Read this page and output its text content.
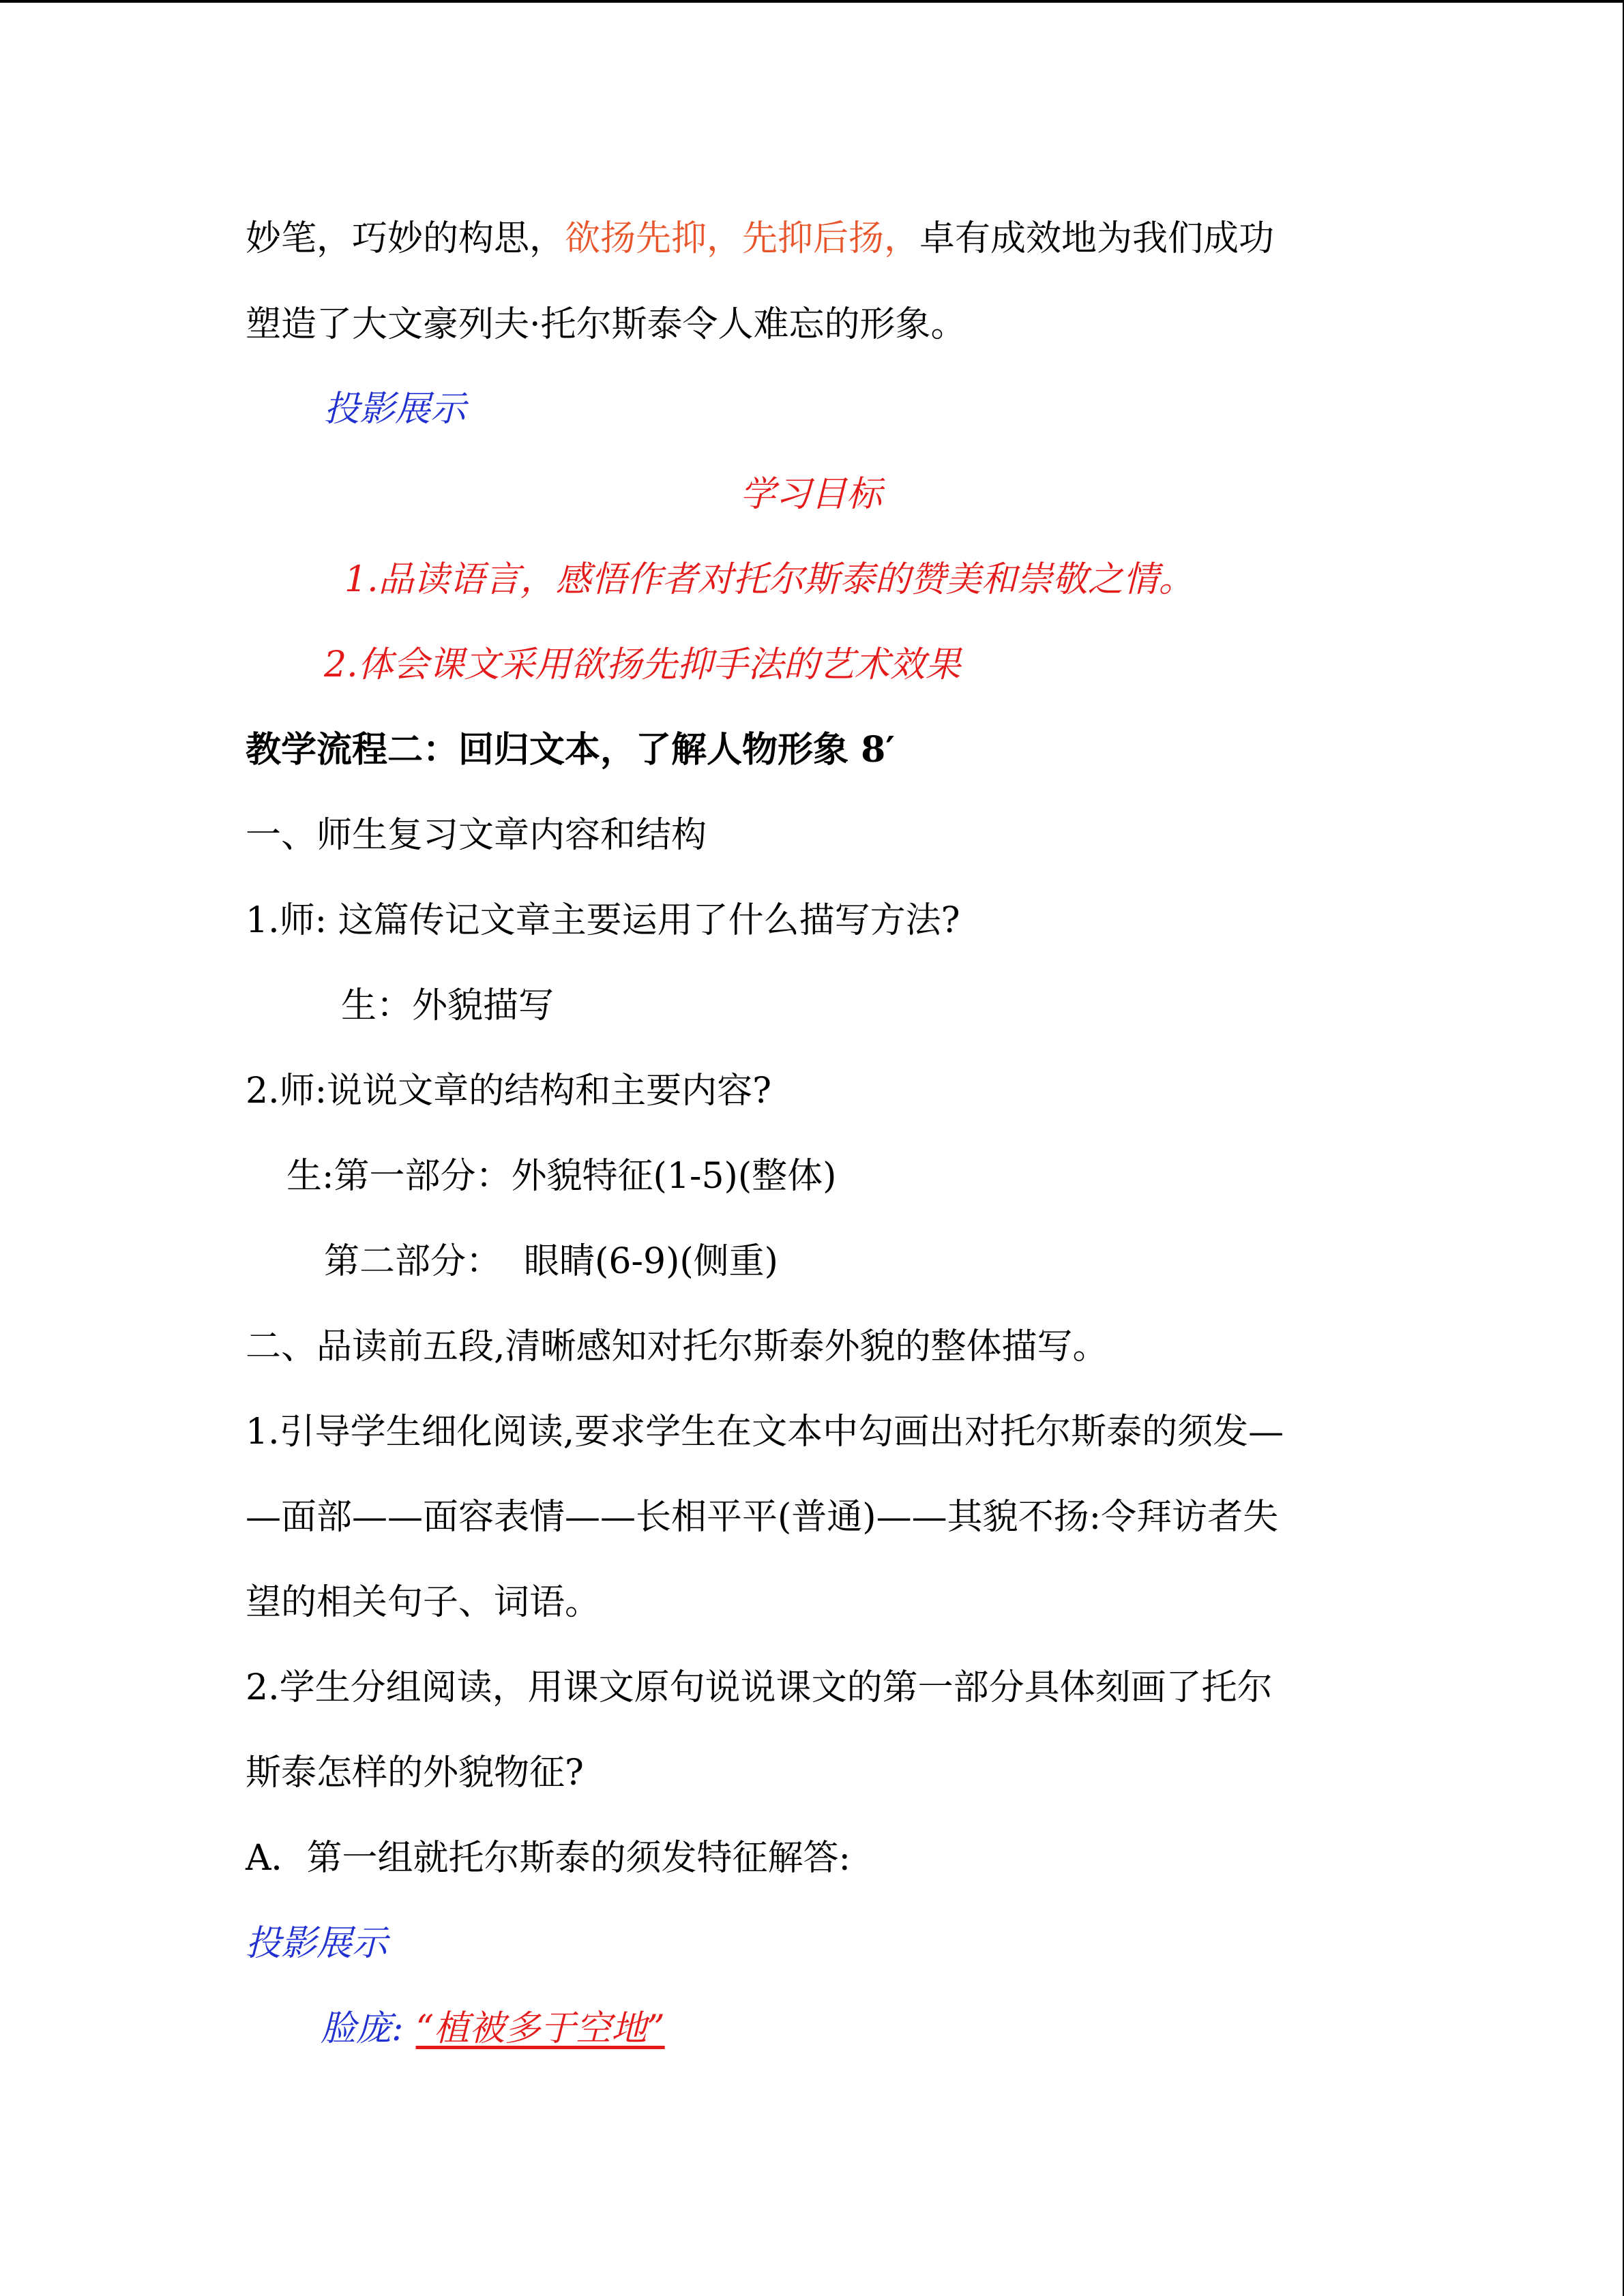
妙笔，巧妙的构思，欲扬先抑，先抑后扬，卓有成效地为我们成功
塑造了大文豪列夫·托尔斯泰令人难忘的形象。
投影展示
学习目标
1.品读语言，感悟作者对托尔斯泰的赞美和崇敬之情。
2.体会课文采用欲扬先抑手法的艺术效果
教学流程二：回归文本，了解人物形象 8′
一、师生复习文章内容和结构
1.师: 这篇传记文章主要运用了什么描写方法?
生：外貌描写
2.师:说说文章的结构和主要内容?
生:第一部分：外貌特征(1-5)(整体)
第二部分：  眼睛(6-9)(侧重)
二、品读前五段,清晰感知对托尔斯泰外貌的整体描写。
1.引导学生细化阅读,要求学生在文本中勾画出对托尔斯泰的须发—
—面部——面容表情——长相平平(普通)——其貌不扬:令拜访者失
望的相关句子、词语。
2.学生分组阅读，用课文原句说说课文的第一部分具体刻画了托尔
斯泰怎样的外貌物征?
A．第一组就托尔斯泰的须发特征解答:
投影展示
脸庞: “植被多于空地”
